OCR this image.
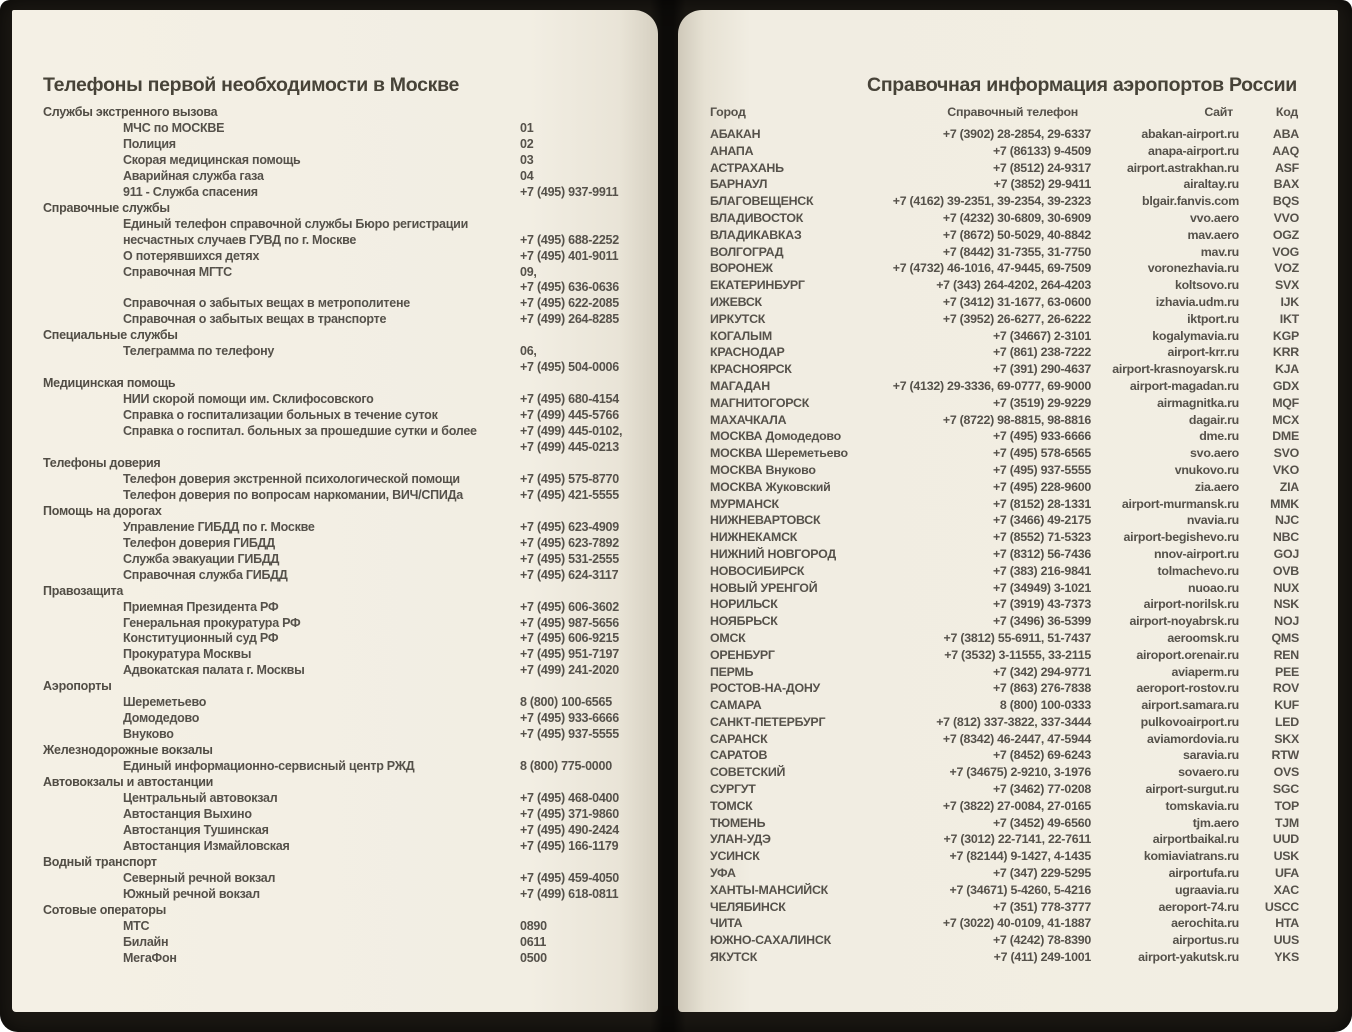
Телефоны первой необходимости в Москве
Службы экстренного вызова
МЧС по МОСКВЕ	01
Полиция	02
Скорая медицинская помощь	03
Аварийная служба газа	04
911 - Служба спасения	+7 (495) 937-9911
Справочные службы
Единый телефон справочной службы Бюро регистрации
несчастных случаев ГУВД по г. Москве	+7 (495) 688-2252
О потерявшихся детях	+7 (495) 401-9011
Справочная МГТС	09,
+7 (495) 636-0636
Справочная о забытых вещах в метрополитене	+7 (495) 622-2085
Справочная о забытых вещах в транспорте	+7 (499) 264-8285
Специальные службы
Телеграмма по телефону	06,
+7 (495) 504-0006
Медицинская помощь
НИИ скорой помощи им. Склифосовского	+7 (495) 680-4154
Справка о госпитализации больных в течение суток	+7 (499) 445-5766
Справка о госпитал. больных за прошедшие сутки и более	+7 (499) 445-0102,
+7 (499) 445-0213
Телефоны доверия
Телефон доверия экстренной психологической помощи	+7 (495) 575-8770
Телефон доверия по вопросам наркомании, ВИЧ/СПИДа	+7 (495) 421-5555
Помощь на дорогах
Управление ГИБДД по г. Москве	+7 (495) 623-4909
Телефон доверия ГИБДД	+7 (495) 623-7892
Служба эвакуации ГИБДД	+7 (495) 531-2555
Справочная служба ГИБДД	+7 (495) 624-3117
Правозащита
Приемная Президента РФ	+7 (495) 606-3602
Генеральная прокуратура РФ	+7 (495) 987-5656
Конституционный суд РФ	+7 (495) 606-9215
Прокуратура Москвы	+7 (495) 951-7197
Адвокатская палата г. Москвы	+7 (499) 241-2020
Аэропорты
Шереметьево	8 (800) 100-6565
Домодедово	+7 (495) 933-6666
Внуково	+7 (495) 937-5555
Железнодорожные вокзалы
Единый информационно-сервисный центр РЖД	8 (800) 775-0000
Автовокзалы и автостанции
Центральный автовокзал	+7 (495) 468-0400
Автостанция Выхино	+7 (495) 371-9860
Автостанция Тушинская	+7 (495) 490-2424
Автостанция Измайловская	+7 (495) 166-1179
Водный транспорт
Северный речной вокзал	+7 (495) 459-4050
Южный речной вокзал	+7 (499) 618-0811
Сотовые операторы
МТС	0890
Билайн	0611
МегаФон	0500
Справочная информация аэропортов России
Город	Справочный телефон	Сайт	Код
АБАКАН	+7 (3902) 28-2854, 29-6337	abakan-airport.ru	ABA
АНАПА	+7 (86133) 9-4509	anapa-airport.ru	AAQ
АСТРАХАНЬ	+7 (8512) 24-9317	airport.astrakhan.ru	ASF
БАРНАУЛ	+7 (3852) 29-9411	airaltay.ru	BAX
БЛАГОВЕЩЕНСК	+7 (4162) 39-2351, 39-2354, 39-2323	blgair.fanvis.com	BQS
ВЛАДИВОСТОК	+7 (4232) 30-6809, 30-6909	vvo.aero	VVO
ВЛАДИКАВКАЗ	+7 (8672) 50-5029, 40-8842	mav.aero	OGZ
ВОЛГОГРАД	+7 (8442) 31-7355, 31-7750	mav.ru	VOG
ВОРОНЕЖ	+7 (4732) 46-1016, 47-9445, 69-7509	voronezhavia.ru	VOZ
ЕКАТЕРИНБУРГ	+7 (343) 264-4202, 264-4203	koltsovo.ru	SVX
ИЖЕВСК	+7 (3412) 31-1677, 63-0600	izhavia.udm.ru	IJK
ИРКУТСК	+7 (3952) 26-6277, 26-6222	iktport.ru	IKT
КОГАЛЫМ	+7 (34667) 2-3101	kogalymavia.ru	KGP
КРАСНОДАР	+7 (861) 238-7222	airport-krr.ru	KRR
КРАСНОЯРСК	+7 (391) 290-4637	airport-krasnoyarsk.ru	KJA
МАГАДАН	+7 (4132) 29-3336, 69-0777, 69-9000	airport-magadan.ru	GDX
МАГНИТОГОРСК	+7 (3519) 29-9229	airmagnitka.ru	MQF
МАХАЧКАЛА	+7 (8722) 98-8815, 98-8816	dagair.ru	MCX
МОСКВА Домодедово	+7 (495) 933-6666	dme.ru	DME
МОСКВА Шереметьево	+7 (495) 578-6565	svo.aero	SVO
МОСКВА Внуково	+7 (495) 937-5555	vnukovo.ru	VKO
МОСКВА Жуковский	+7 (495) 228-9600	zia.aero	ZIA
МУРМАНСК	+7 (8152) 28-1331	airport-murmansk.ru	MMK
НИЖНЕВАРТОВСК	+7 (3466) 49-2175	nvavia.ru	NJC
НИЖНЕКАМСК	+7 (8552) 71-5323	airport-begishevo.ru	NBC
НИЖНИЙ НОВГОРОД	+7 (8312) 56-7436	nnov-airport.ru	GOJ
НОВОСИБИРСК	+7 (383) 216-9841	tolmachevo.ru	OVB
НОВЫЙ УРЕНГОЙ	+7 (34949) 3-1021	nuoao.ru	NUX
НОРИЛЬСК	+7 (3919) 43-7373	airport-norilsk.ru	NSK
НОЯБРЬСК	+7 (3496) 36-5399	airport-noyabrsk.ru	NOJ
ОМСК	+7 (3812) 55-6911, 51-7437	aeroomsk.ru	QMS
ОРЕНБУРГ	+7 (3532) 3-11555, 33-2115	airoport.orenair.ru	REN
ПЕРМЬ	+7 (342) 294-9771	aviaperm.ru	PEE
РОСТОВ-НА-ДОНУ	+7 (863) 276-7838	aeroport-rostov.ru	ROV
САМАРА	8 (800) 100-0333	airport.samara.ru	KUF
САНКТ-ПЕТЕРБУРГ	+7 (812) 337-3822, 337-3444	pulkovoairport.ru	LED
САРАНСК	+7 (8342) 46-2447, 47-5944	aviamordovia.ru	SKX
САРАТОВ	+7 (8452) 69-6243	saravia.ru	RTW
СОВЕТСКИЙ	+7 (34675) 2-9210, 3-1976	sovaero.ru	OVS
СУРГУТ	+7 (3462) 77-0208	airport-surgut.ru	SGC
ТОМСК	+7 (3822) 27-0084, 27-0165	tomskavia.ru	TOP
ТЮМЕНЬ	+7 (3452) 49-6560	tjm.aero	TJM
УЛАН-УДЭ	+7 (3012) 22-7141, 22-7611	airportbaikal.ru	UUD
УСИНСК	+7 (82144) 9-1427, 4-1435	komiaviatrans.ru	USK
УФА	+7 (347) 229-5295	airportufa.ru	UFA
ХАНТЫ-МАНСИЙСК	+7 (34671) 5-4260, 5-4216	ugraavia.ru	XAC
ЧЕЛЯБИНСК	+7 (351) 778-3777	aeroport-74.ru	USCC
ЧИТА	+7 (3022) 40-0109, 41-1887	aerochita.ru	HTA
ЮЖНО-САХАЛИНСК	+7 (4242) 78-8390	airportus.ru	UUS
ЯКУТСК	+7 (411) 249-1001	airport-yakutsk.ru	YKS
